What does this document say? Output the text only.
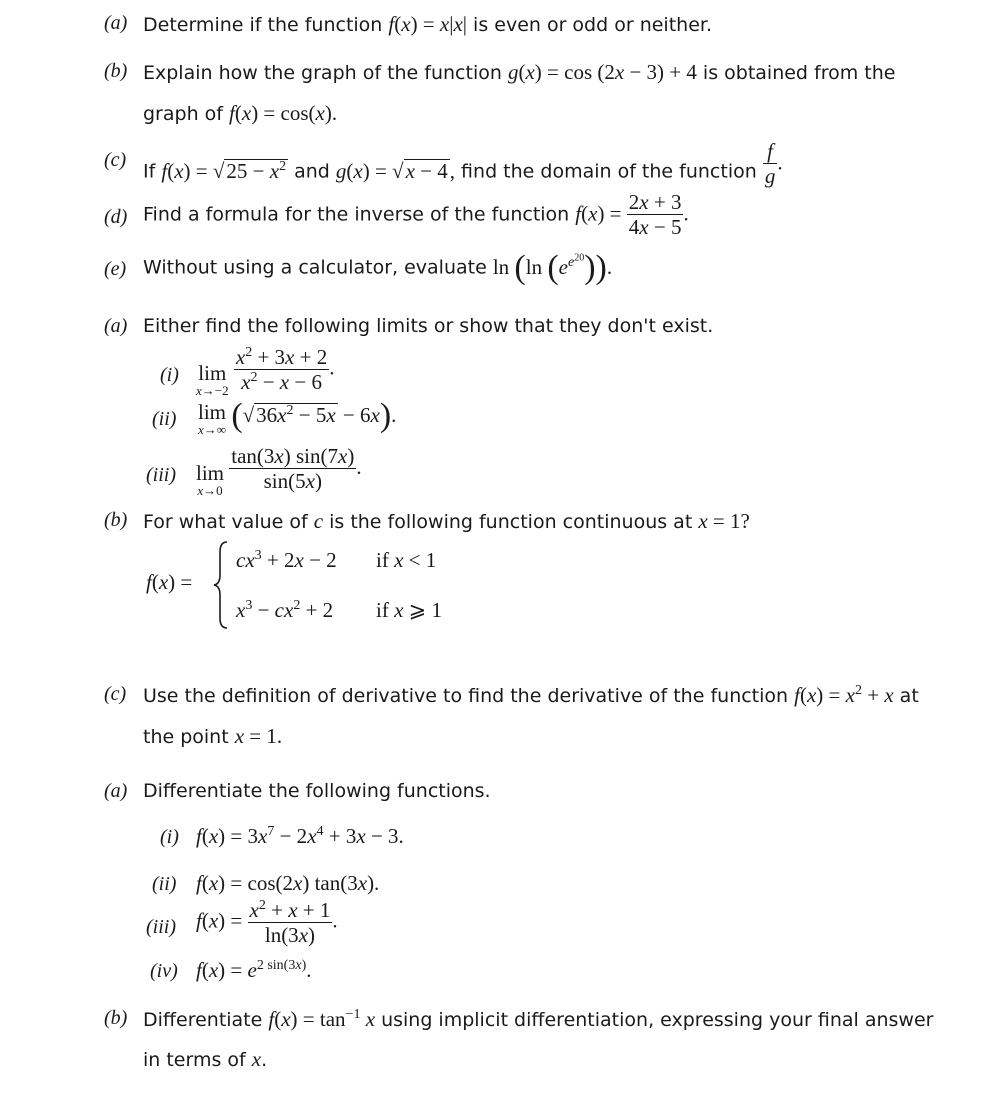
(a) Determine if the function f(x) = x|x| is even or odd or neither.
(b) Explain how the graph of the function g(x) = cos (2x − 3) + 4 is obtained from the
graph of f(x) = cos(x).
(c)
If $f(x) = √25 - x^2$ and g(x) = √x − 4, find the domain of the function $\frac{f}{g}$ .
(d) Find a formula for the inverse of the function $f(x) = \frac{2x + 3}{4x - 5}$ .
(e) Without using a calculator, evaluate ln (ln $(e^{e^{20}})$).
(a) Either find the following limits or show that they don't exist.
(i) lim
x→−2
$\frac{x^2 + 3x + 2}{x^2 - x - 6}$ .
(ii) lim
x→∞ $(√36x^2 - 5x - 6x)$.
(iii) lim
x→0
$\frac{\tan(3x) \sin(7x)}{\sin(5x)}$ .
(b) For what value of c is the following function continuous at x = 1?
f(x) =
$cx^3 + 2x - 2$ if x < 1
$x^3 - cx^2 + 2$ if x ⩾ 1
(c) Use the definition of derivative to find the derivative of the function $f(x) = x^2 + x$ at
the point x = 1.
(a) Differentiate the following functions.
(i) $f(x) = 3x^7 - 2x^4 + 3x - 3$.
(ii) f(x) = cos(2x) tan(3x).
(iii) $f(x) = \frac{x^2 + x + 1}{\ln(3x)}$ .
(iv) $f(x) = e^{2 sin(3x)}$.
(b) Differentiate $f(x) = \tan^{-1} x$ using implicit differentiation, expressing your final answer
in terms of x.
